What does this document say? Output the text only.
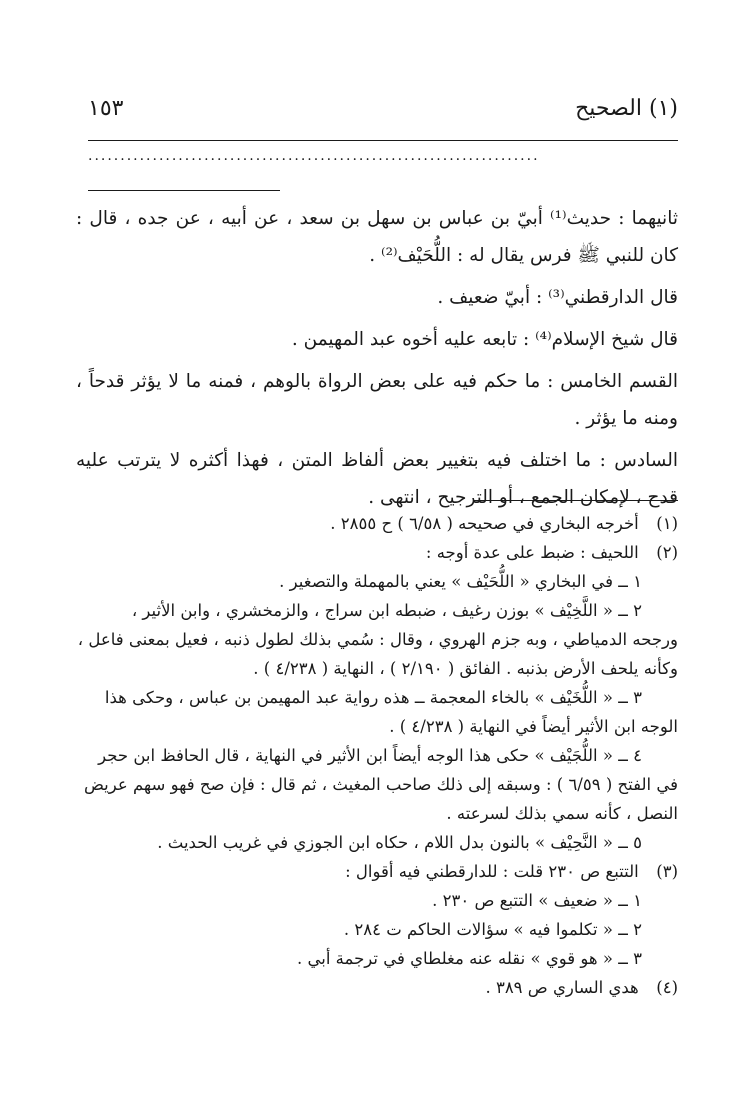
(١) الصحيح
١٥٣
......................................................................

ثانيهما : حديث⁽¹⁾ أبيّ بن عباس بن سهل بن سعد ، عن أبيه ، عن جده ، قال : كان للنبي ﷺ فرس يقال له : اللُّحَيْف⁽²⁾ .

قال الدارقطني⁽³⁾ : أبيّ ضعيف .

قال شيخ الإسلام⁽⁴⁾ : تابعه عليه أخوه عبد المهيمن .

القسم الخامس : ما حكم فيه على بعض الرواة بالوهم ، فمنه ما لا يؤثر قدحاً ، ومنه ما يؤثر .

السادس : ما اختلف فيه بتغيير بعض ألفاظ المتن ، فهذا أكثره لا يترتب عليه قدح ، لإمكان الجمع ، أو الترجيح ، انتهى .

(١) أخرجه البخاري في صحيحه ( ٦/٥٨ ) ح ٢٨٥٥ .

(٢) اللحيف : ضبط على عدة أوجه :

١ ــ في البخاري « اللُّحَيْف » يعني بالمهملة والتصغير .

٢ ــ « اللَّخِيْف » بوزن رغيف ، ضبطه ابن سراج ، والزمخشري ، وابن الأثير ،

ورجحه الدمياطي ، وبه جزم الهروي ، وقال : سُمي بذلك لطول ذنبه ، فعيل بمعنى فاعل ،

وكأنه يلحف الأرض بذنبه . الفائق ( ٢/١٩٠ ) ، النهاية ( ٤/٢٣٨ ) .

٣ ــ « اللُّخَيْف » بالخاء المعجمة ــ هذه رواية عبد المهيمن بن عباس ، وحكى هذا

الوجه ابن الأثير أيضاً في النهاية ( ٤/٢٣٨ ) .

٤ ــ « اللُّجَيْف » حكى هذا الوجه أيضاً ابن الأثير في النهاية ، قال الحافظ ابن حجر

في الفتح ( ٦/٥٩ ) : وسبقه إلى ذلك صاحب المغيث ، ثم قال : فإن صح فهو سهم عريض

النصل ، كأنه سمي بذلك لسرعته .

٥ ــ « النَّحِيْف » بالنون بدل اللام ، حكاه ابن الجوزي في غريب الحديث .

(٣) التتبع ص ٢٣٠ قلت : للدارقطني فيه أقوال :

١ ــ « ضعيف » التتبع ص ٢٣٠ .

٢ ــ « تكلموا فيه » سؤالات الحاكم ت ٢٨٤ .

٣ ــ « هو قوي » نقله عنه مغلطاي في ترجمة أبي .

(٤) هدي الساري ص ٣٨٩ .
